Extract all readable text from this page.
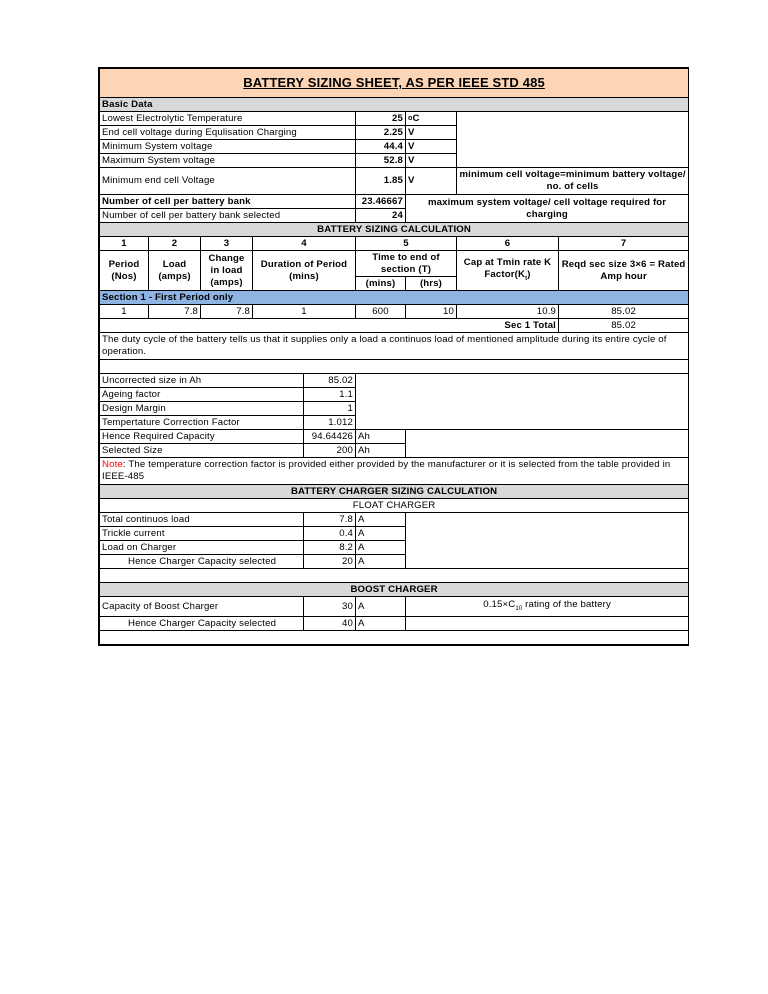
BATTERY SIZING SHEET, AS PER IEEE STD 485								
Basic Data								
Lowest Electrolytic Temperature					25	$^o$C		
End cell voltage during Equlisation Charging					2.25	V		
Minimum System voltage					44.4	V		
Maximum System voltage					52.8	V		
Minimum end cell Voltage					1.85	V	minimum cell voltage=minimum battery voltage/ no. of cells	
Number of cell per battery bank					23.46667	maximum system voltage/ cell voltage required for charging		
Number of cell per battery bank selected					24			
BATTERY SIZING CALCULATION								
1	2	3	4		5		6	7
Period (Nos)	Load (amps)	Change in load (amps)	Duration of Period (mins)		Time to end of section (T)		Cap at Tmin rate K $Factor(K_t)$	Reqd sec size 3×6 = Rated Amp hour
					(mins)	(hrs)		
Section 1 - First Period only								
1	7.8	7.8	1		600	10	10.9	85.02
Sec 1 Total								85.02
The duty cycle of the battery tells us that it supplies only a load a continuos load of mentioned amplitude during its entire cycle of operation.								

Uncorrected size in Ah				85.02				
Ageing factor				1.1				
Design Margin				1				
Tempertature Correction Factor				1.012				
Hence Required Capacity				94.64426	Ah			
Selected Size				200	Ah			
Note: The temperature correction factor is provided either provided by the manufacturer or it is selected from the table provided in IEEE-485								
BATTERY CHARGER SIZING CALCULATION								
FLOAT CHARGER								
Total continuos load				7.8	A			
Trickle current				0.4	A			
Load on Charger				8.2	A			
Hence Charger Capacity selected				20	A			

BOOST CHARGER								
Capacity of Boost Charger				30	A	$0.15\times C_{10}$ rating of the battery		
Hence Charger Capacity selected				40	A			
